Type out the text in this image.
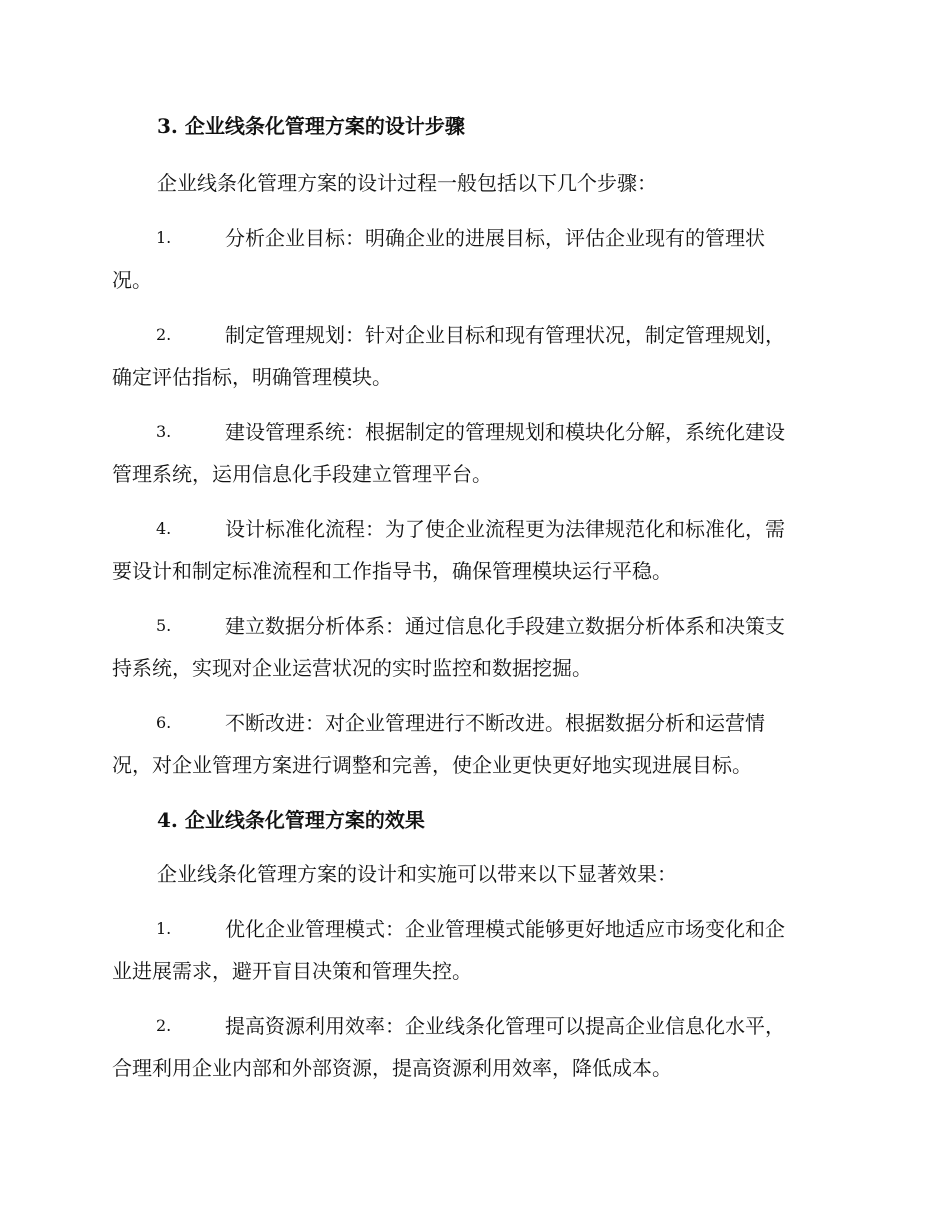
3. 企业线条化管理方案的设计步骤
企业线条化管理方案的设计过程一般包括以下几个步骤：
1.	分析企业目标：明确企业的进展目标，评估企业现有的管理状
况。
2.	制定管理规划：针对企业目标和现有管理状况，制定管理规划，
确定评估指标，明确管理模块。
3.	建设管理系统：根据制定的管理规划和模块化分解，系统化建设
管理系统，运用信息化手段建立管理平台。
4.	设计标准化流程：为了使企业流程更为法律规范化和标准化，需
要设计和制定标准流程和工作指导书，确保管理模块运行平稳。
5.	建立数据分析体系：通过信息化手段建立数据分析体系和决策支
持系统，实现对企业运营状况的实时监控和数据挖掘。
6.	不断改进：对企业管理进行不断改进。根据数据分析和运营情
况，对企业管理方案进行调整和完善，使企业更快更好地实现进展目标。
4. 企业线条化管理方案的效果
企业线条化管理方案的设计和实施可以带来以下显著效果：
1.	优化企业管理模式：企业管理模式能够更好地适应市场变化和企
业进展需求，避开盲目决策和管理失控。
2.	提高资源利用效率：企业线条化管理可以提高企业信息化水平，
合理利用企业内部和外部资源，提高资源利用效率，降低成本。
